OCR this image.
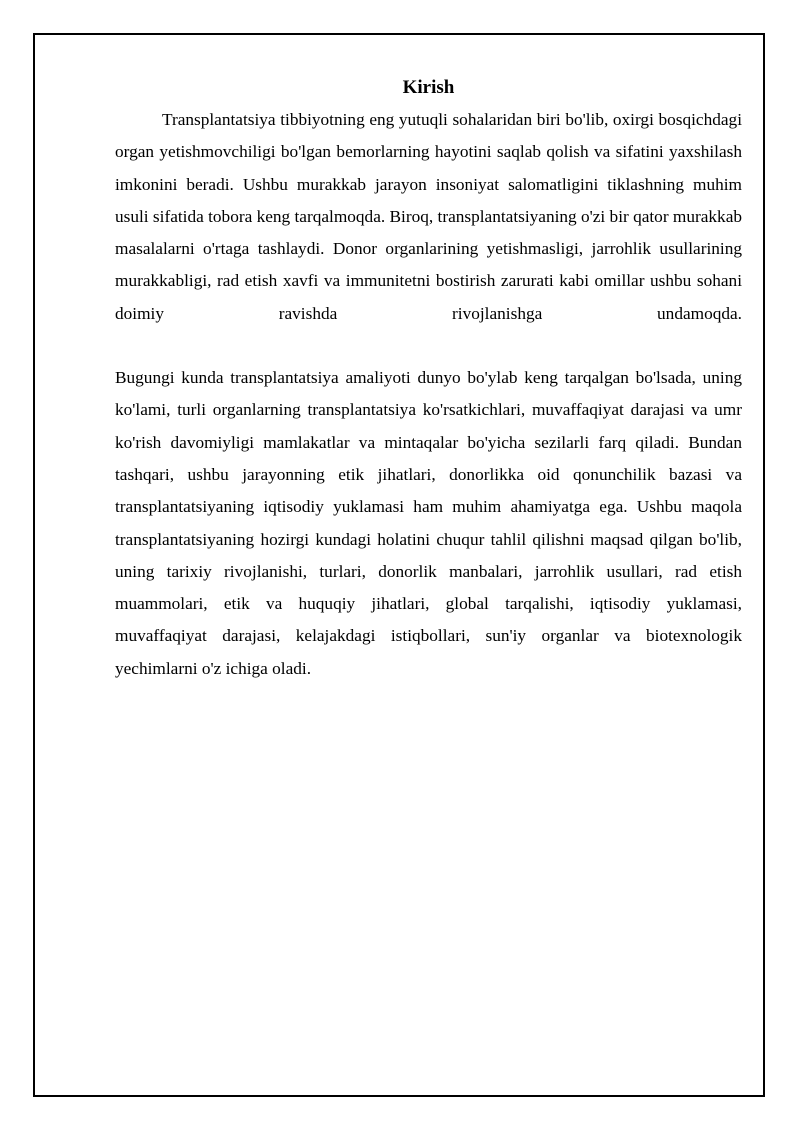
Kirish

Transplantatsiya tibbiyotning eng yutuqli sohalaridan biri bo'lib, oxirgi bosqichdagi organ yetishmovchiligi bo'lgan bemorlarning hayotini saqlab qolish va sifatini yaxshilash imkonini beradi. Ushbu murakkab jarayon insoniyat salomatligini tiklashning muhim usuli sifatida tobora keng tarqalmoqda. Biroq, transplantatsiyaning o'zi bir qator murakkab masalalarni o'rtaga tashlaydi. Donor organlarining yetishmasligi, jarrohlik usullarining murakkabligi, rad etish xavfi va immunitetni bostirish zarurati kabi omillar ushbu sohani doimiy ravishda rivojlanishga undamoqda.

Bugungi kunda transplantatsiya amaliyoti dunyo bo'ylab keng tarqalgan bo'lsada, uning ko'lami, turli organlarning transplantatsiya ko'rsatkichlari, muvaffaqiyat darajasi va umr ko'rish davomiyligi mamlakatlar va mintaqalar bo'yicha sezilarli farq qiladi. Bundan tashqari, ushbu jarayonning etik jihatlari, donorlikka oid qonunchilik bazasi va transplantatsiyaning iqtisodiy yuklamasi ham muhim ahamiyatga ega. Ushbu maqola transplantatsiyaning hozirgi kundagi holatini chuqur tahlil qilishni maqsad qilgan bo'lib, uning tarixiy rivojlanishi, turlari, donorlik manbalari, jarrohlik usullari, rad etish muammolari, etik va huquqiy jihatlari, global tarqalishi, iqtisodiy yuklamasi, muvaffaqiyat darajasi, kelajakdagi istiqbollari, sun'iy organlar va biotexnologik yechimlarni o'z ichiga oladi.
